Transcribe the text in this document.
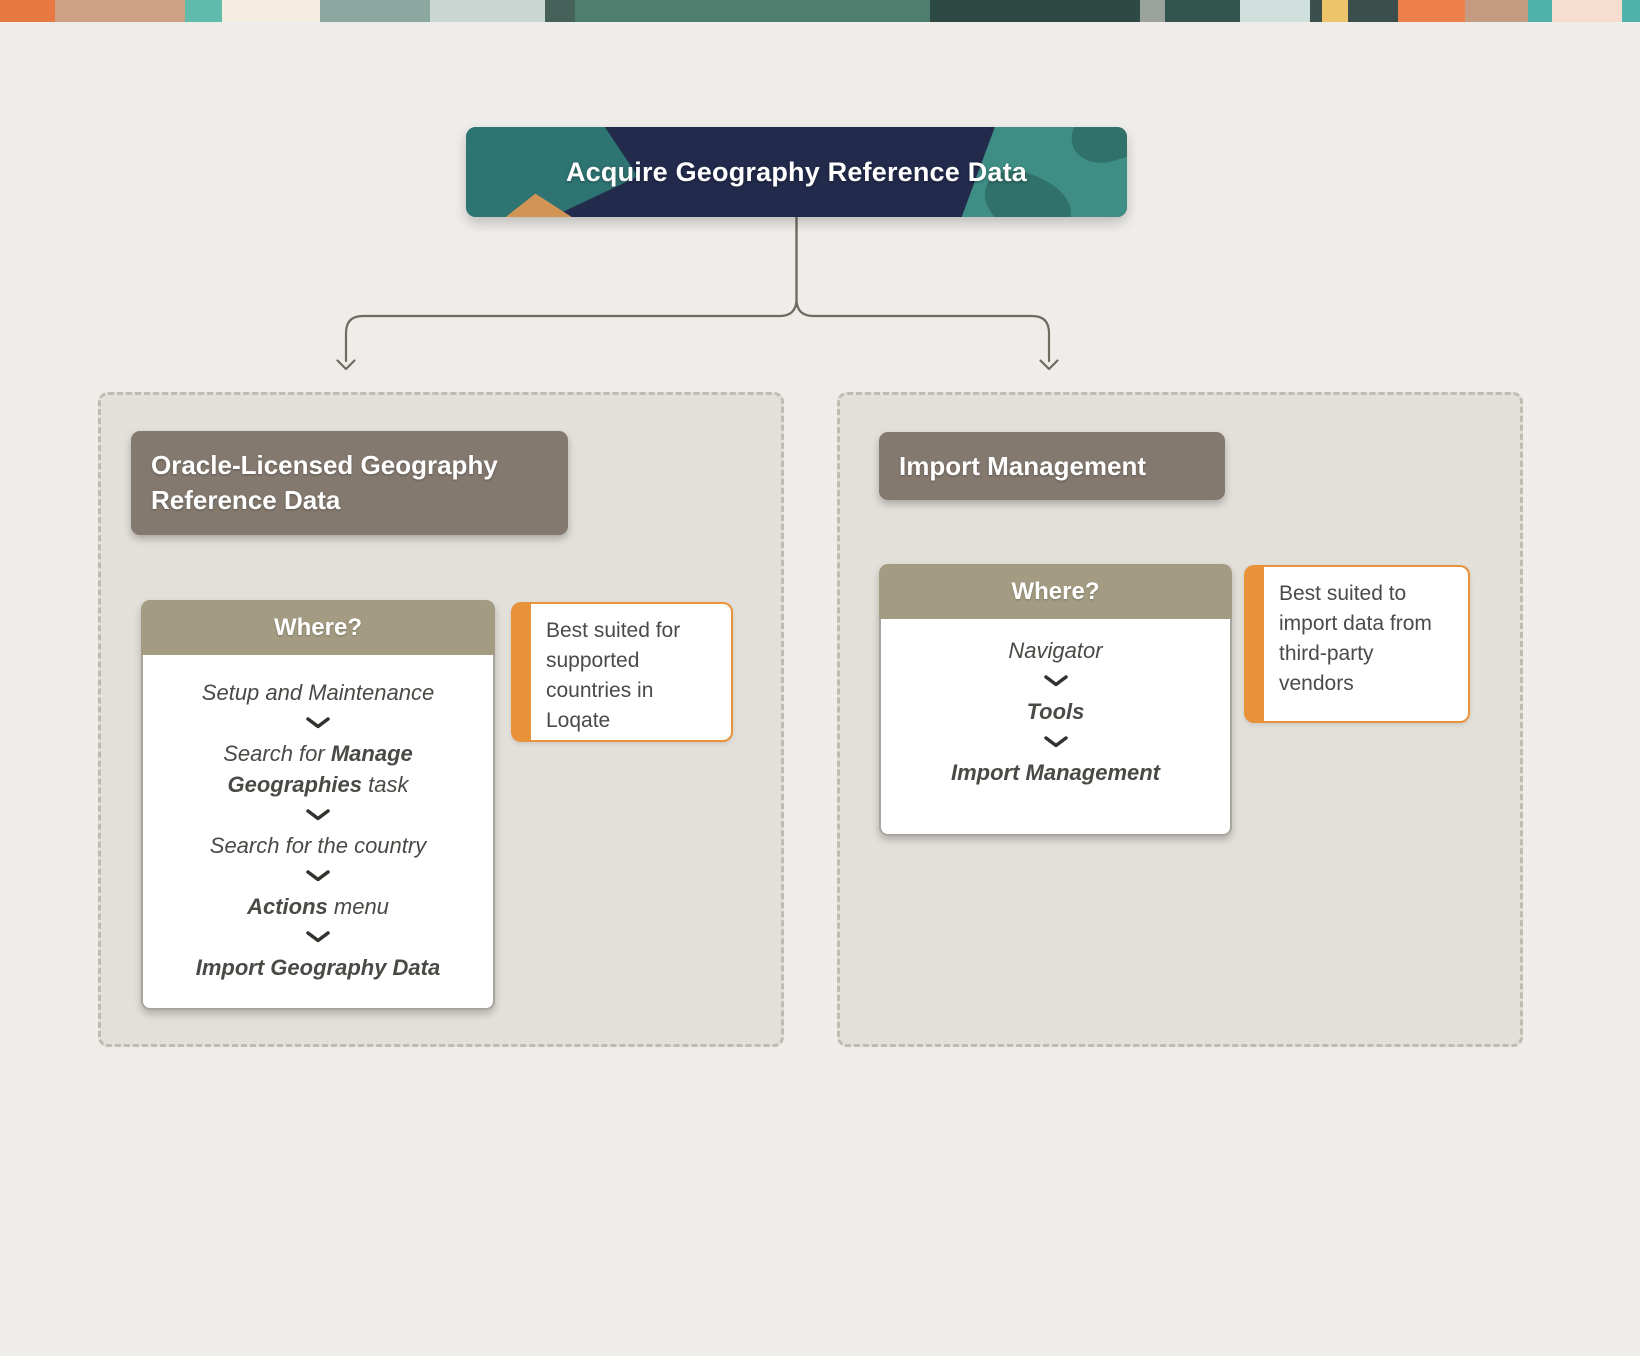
Acquire Geography Reference Data
Oracle-Licensed Geography Reference Data
Where?
Setup and Maintenance
Search for Manage Geographies task
Search for the country
Actions menu
Import Geography Data
Best suited for supported countries in Loqate
Import Management
Where?
Navigator
Tools
Import Management
Best suited to import data from third-party vendors
